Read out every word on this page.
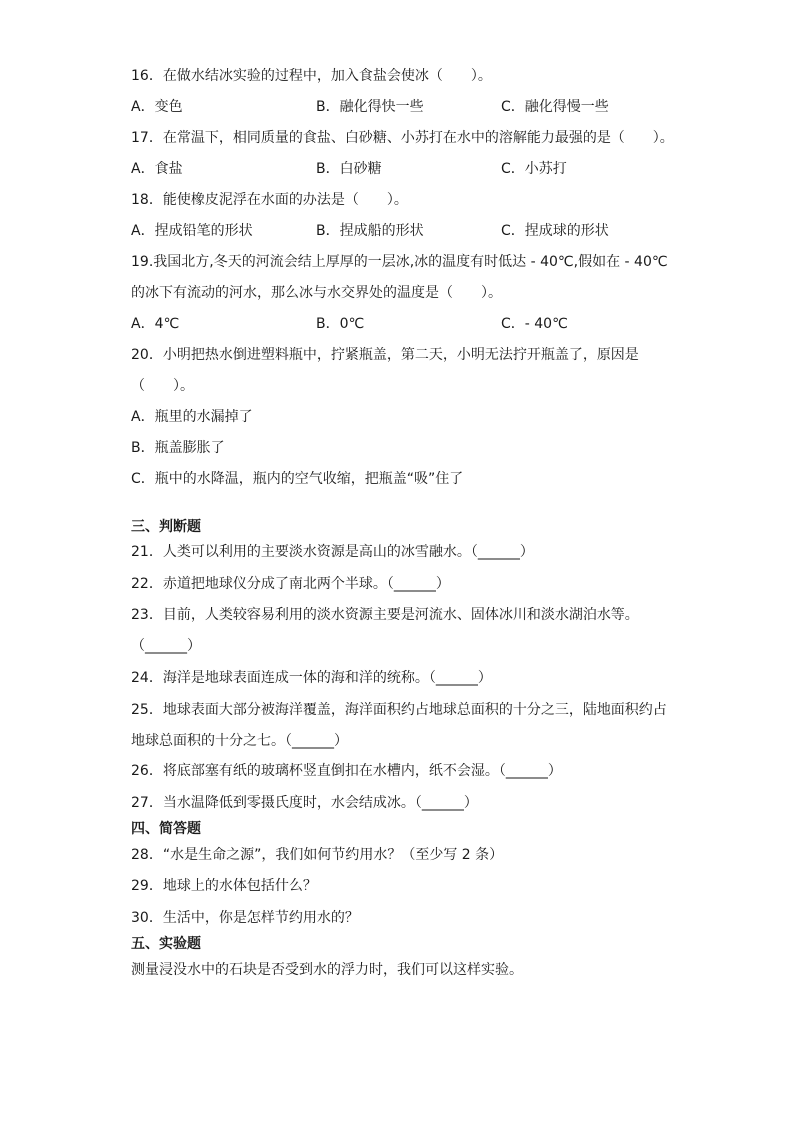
16．在做水结冰实验的过程中，加入食盐会使冰（　　）。
A．变色	B．融化得快一些	C．融化得慢一些
17．在常温下，相同质量的食盐、白砂糖、小苏打在水中的溶解能力最强的是（　　）。
A．食盐	B．白砂糖	C．小苏打
18．能使橡皮泥浮在水面的办法是（　　）。
A．捏成铅笔的形状	B．捏成船的形状	C．捏成球的形状
19.我国北方,冬天的河流会结上厚厚的一层冰,冰的温度有时低达 - 40℃,假如在 - 40℃
的冰下有流动的河水，那么冰与水交界处的温度是（　　）。
A．4℃	B．0℃	C．- 40℃
20．小明把热水倒进塑料瓶中，拧紧瓶盖，第二天，小明无法拧开瓶盖了，原因是
（　　）。
A．瓶里的水漏掉了
B．瓶盖膨胀了
C．瓶中的水降温，瓶内的空气收缩，把瓶盖“吸”住了
三、判断题
21．人类可以利用的主要淡水资源是高山的冰雪融水。（______）
22．赤道把地球仪分成了南北两个半球。（______）
23．目前，人类较容易利用的淡水资源主要是河流水、固体冰川和淡水湖泊水等。
（______）
24．海洋是地球表面连成一体的海和洋的统称。（______）
25．地球表面大部分被海洋覆盖，海洋面积约占地球总面积的十分之三，陆地面积约占
地球总面积的十分之七。（______）
26．将底部塞有纸的玻璃杯竖直倒扣在水槽内，纸不会湿。（______）
27．当水温降低到零摄氏度时，水会结成冰。（______）
四、简答题
28．“水是生命之源”，我们如何节约用水？（至少写 2 条）
29．地球上的水体包括什么？
30．生活中，你是怎样节约用水的？
五、实验题
测量浸没水中的石块是否受到水的浮力时，我们可以这样实验。
